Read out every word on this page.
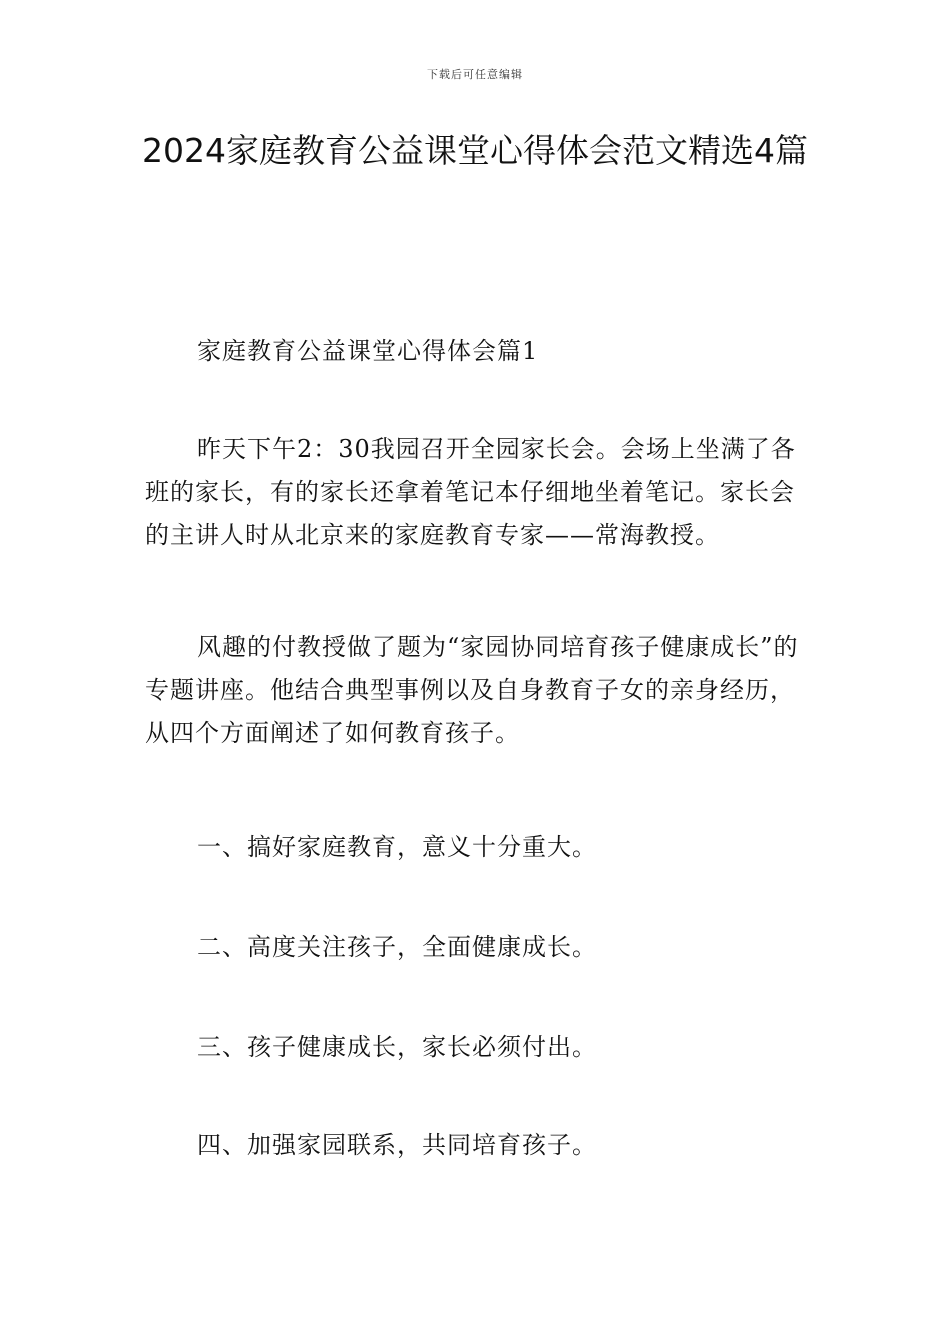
下载后可任意编辑
2024家庭教育公益课堂心得体会范文精选4篇

家庭教育公益课堂心得体会篇1

昨天下午2：30我园召开全园家长会。会场上坐满了各班的家长，有的家长还拿着笔记本仔细地坐着笔记。家长会的主讲人时从北京来的家庭教育专家——常海教授。

风趣的付教授做了题为“家园协同培育孩子健康成长”的专题讲座。他结合典型事例以及自身教育子女的亲身经历，从四个方面阐述了如何教育孩子。

一、搞好家庭教育，意义十分重大。

二、高度关注孩子，全面健康成长。

三、孩子健康成长，家长必须付出。

四、加强家园联系，共同培育孩子。
